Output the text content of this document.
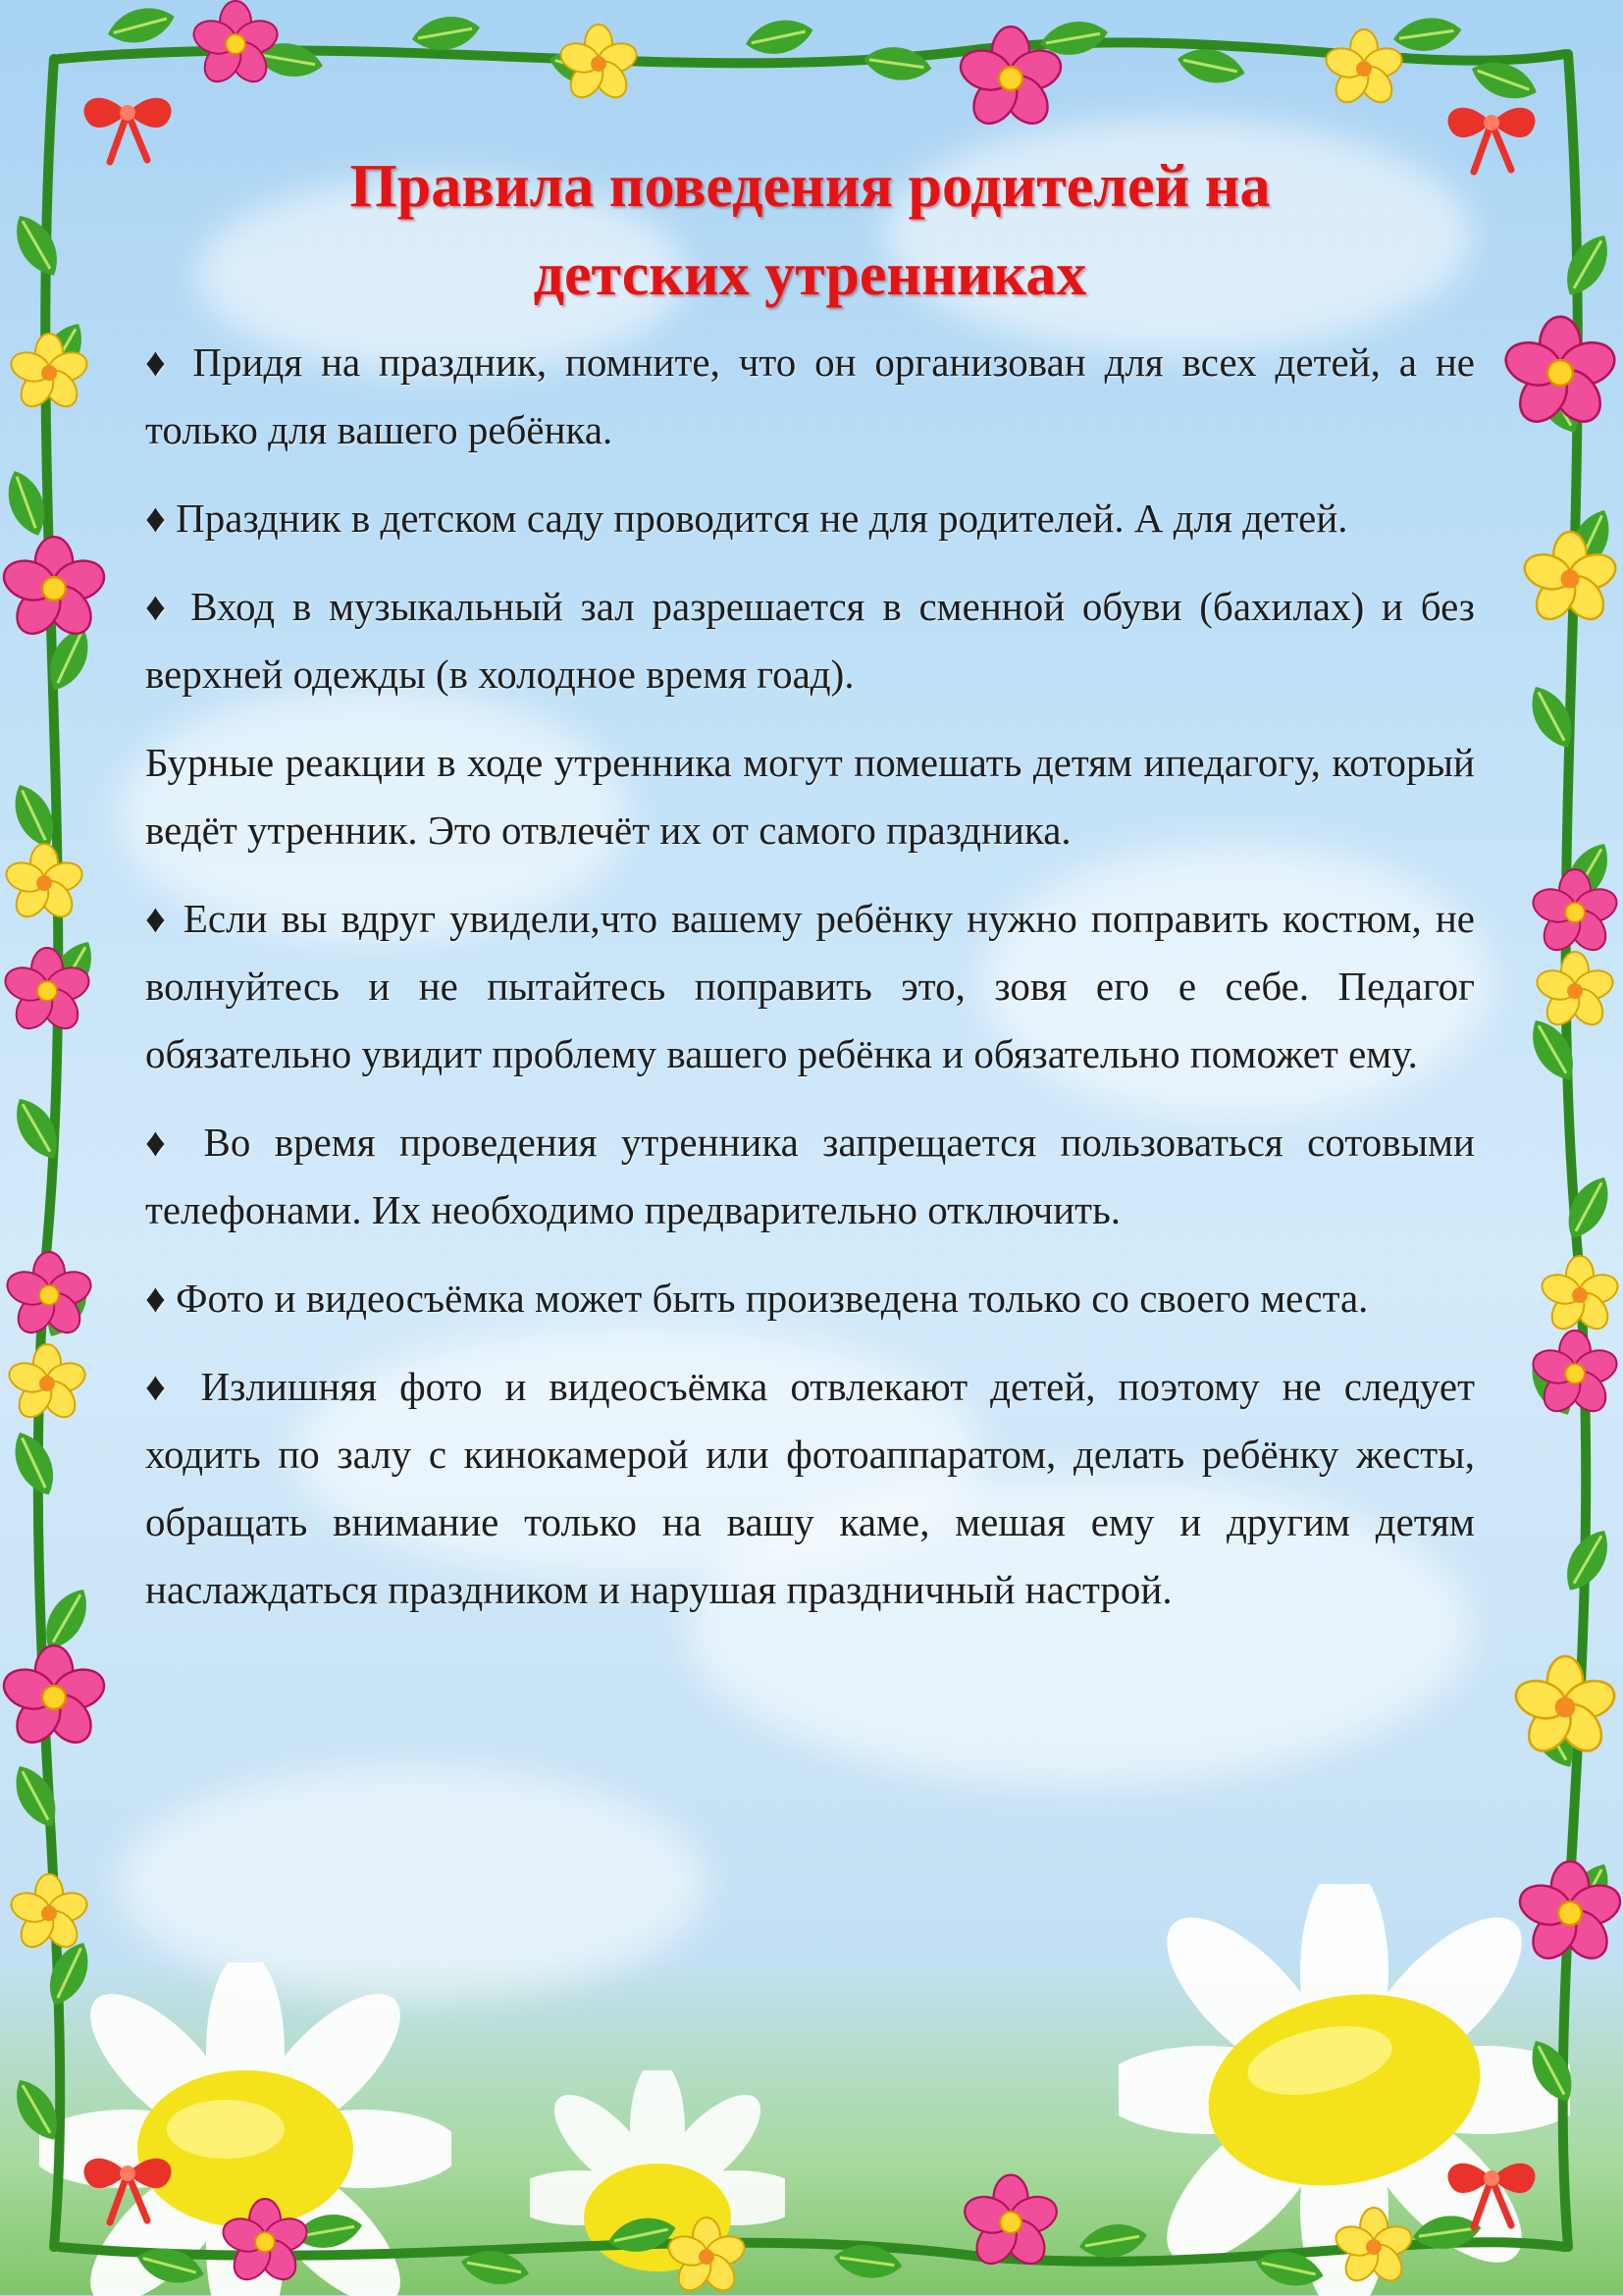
Правила поведения родителей на
детских утренниках

♦ Придя на праздник, помните, что он организован для всех детей, а не только для вашего ребёнка.

♦ Праздник в детском саду проводится не для родителей. А для детей.

♦ Вход в музыкальный зал разрешается в сменной обуви (бахилах) и без верхней одежды (в холодное время гоад).

Бурные реакции в ходе утренника могут помешать детям ипедагогу, который ведёт утренник. Это отвлечёт их от самого праздника.

♦ Если вы вдруг увидели,что вашему ребёнку нужно поправить костюм, не волнуйтесь и не пытайтесь поправить это, зовя его е себе. Педагог обязательно увидит проблему вашего ребёнка и обязательно поможет ему.

♦ Во время проведения утренника запрещается пользоваться сотовыми телефонами. Их необходимо предварительно отключить.

♦ Фото и видеосъёмка может быть произведена только со своего места.

♦ Излишняя фото и видеосъёмка отвлекают детей, поэтому не следует ходить по залу с кинокамерой или фотоаппаратом, делать ребёнку жесты, обращать внимание только на вашу каме, мешая ему и другим детям наслаждаться праздником и нарушая праздничный настрой.
